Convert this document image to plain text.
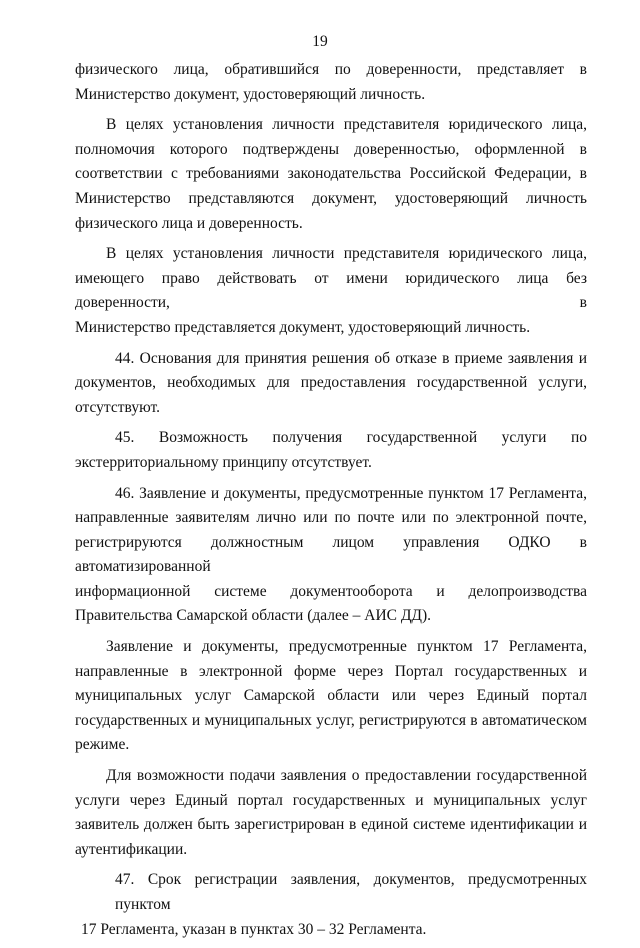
19
физического лица, обратившийся по доверенности, представляет в
Министерство документ, удостоверяющий личность.
В целях установления личности представителя юридического лица,
полномочия которого подтверждены доверенностью, оформленной в
соответствии с требованиями законодательства Российской Федерации, в
Министерство представляются документ, удостоверяющий личность
физического лица и доверенность.
В целях установления личности представителя юридического лица,
имеющего право действовать от имени юридического лица без доверенности, в
Министерство представляется документ, удостоверяющий личность.
44. Основания для принятия решения об отказе в приеме заявления и
документов, необходимых для предоставления государственной услуги,
отсутствуют.
45. Возможность получения государственной услуги по
экстерриториальному принципу отсутствует.
46. Заявление и документы, предусмотренные пунктом 17 Регламента,
направленные заявителям лично или по почте или по электронной почте,
регистрируются должностным лицом управления ОДКО в автоматизированной
информационной системе документооборота и делопроизводства
Правительства Самарской области (далее – АИС ДД).
Заявление и документы, предусмотренные пунктом 17 Регламента,
направленные в электронной форме через Портал государственных и
муниципальных услуг Самарской области или через Единый портал
государственных и муниципальных услуг, регистрируются в автоматическом
режиме.
Для возможности подачи заявления о предоставлении государственной
услуги через Единый портал государственных и муниципальных услуг
заявитель должен быть зарегистрирован в единой системе идентификации и
аутентификации.
47. Срок регистрации заявления, документов, предусмотренных пунктом
17 Регламента, указан в пунктах 30 – 32 Регламента.
